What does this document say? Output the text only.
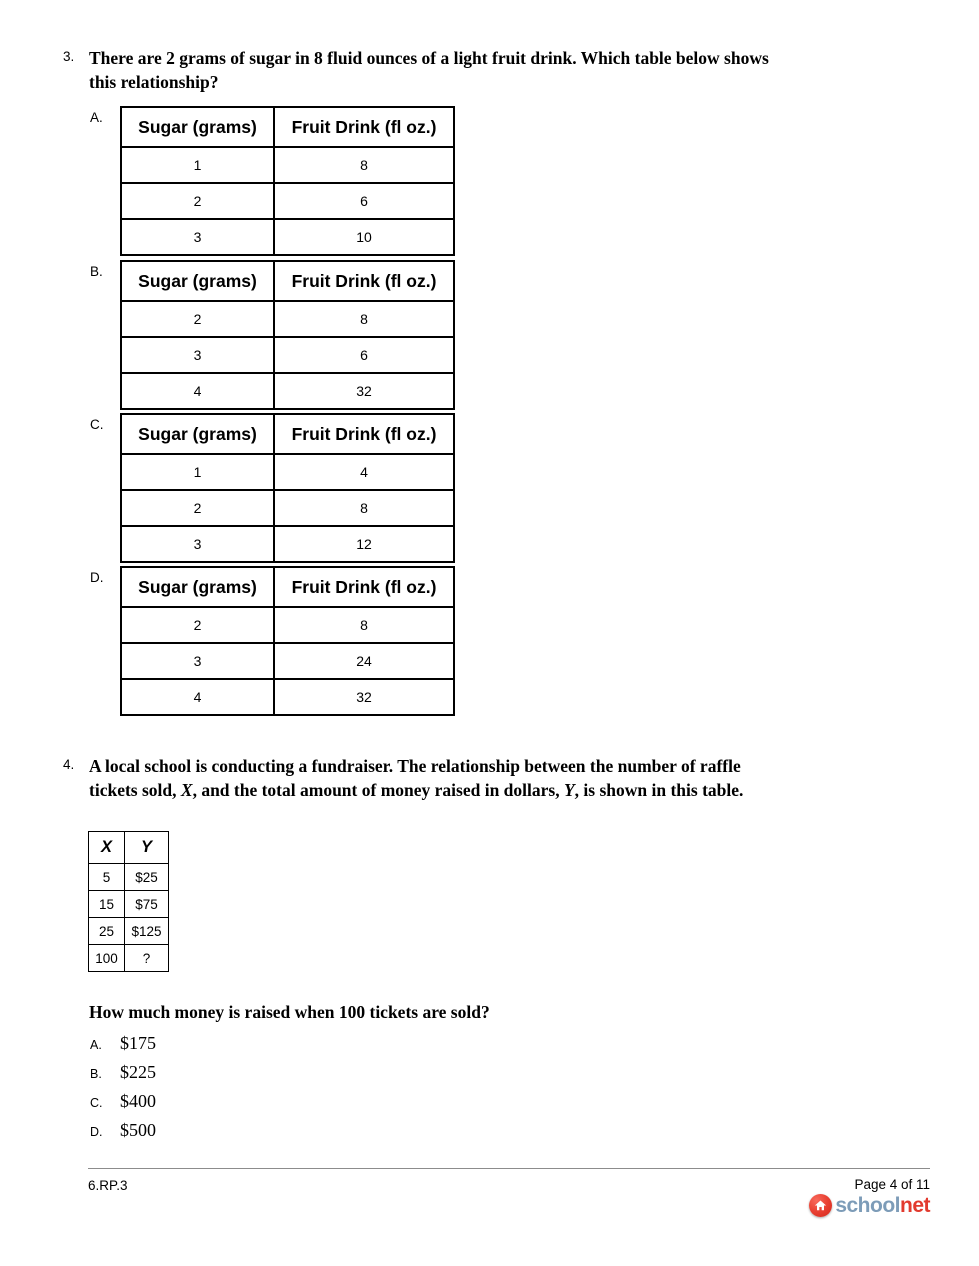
3. There are 2 grams of sugar in 8 fluid ounces of a light fruit drink. Which table below shows
this relationship?
A.	Sugar (grams)	Fruit Drink (fl oz.)
1	8
2	6
3	10
B.	Sugar (grams)	Fruit Drink (fl oz.)
2	8
3	6
4	32
C.	Sugar (grams)	Fruit Drink (fl oz.)
1	4
2	8
3	12
D.	Sugar (grams)	Fruit Drink (fl oz.)
2	8
3	24
4	32
4. A local school is conducting a fundraiser. The relationship between the number of raffle
tickets sold, X, and the total amount of money raised in dollars, Y, is shown in this table.
X	Y
5	$25
15	$75
25	$125
100	?
How much money is raised when 100 tickets are sold?
A.	$175
B.	$225
C. $400
D. $500
6.RP.3	Page 4 of 11
schoolnet
